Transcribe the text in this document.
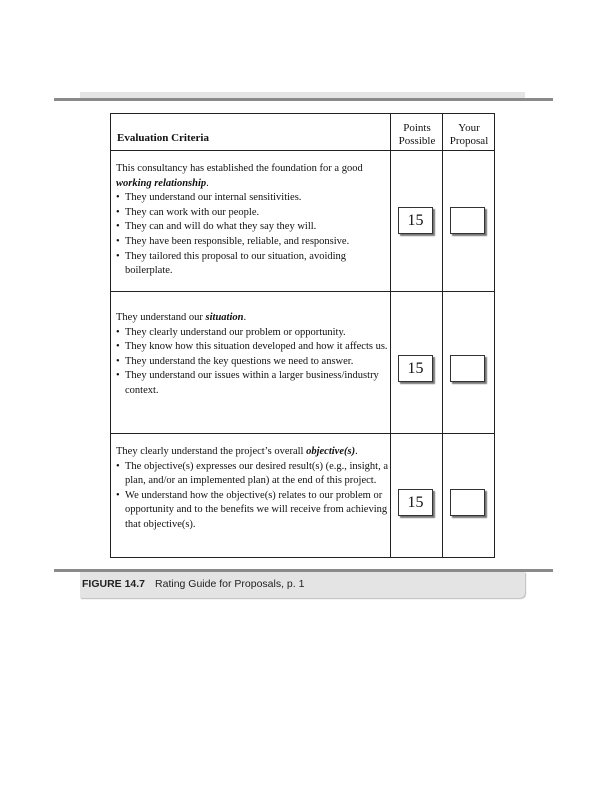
Evaluation Criteria
Points
Possible
Your
Proposal

This consultancy has established the foundation for a good working relationship.

• They understand our internal sensitivities.
• They can work with our people.
• They can and will do what they say they will.
• They have been responsible, reliable, and responsive.
• They tailored this proposal to our situation, avoiding boilerplate.
15

They understand our situation.

• They clearly understand our problem or opportunity.
• They know how this situation developed and how it affects us.
• They understand the key questions we need to answer.
• They understand our issues within a larger business/industry context.
15

They clearly understand the project’s overall objective(s).

• The objective(s) expresses our desired result(s) (e.g., insight, a plan, and/or an implemented plan) at the end of this project.
• We understand how the objective(s) relates to our problem or opportunity and to the benefits we will receive from achieving that objective(s).
15
FIGURE 14.7 Rating Guide for Proposals, p. 1
